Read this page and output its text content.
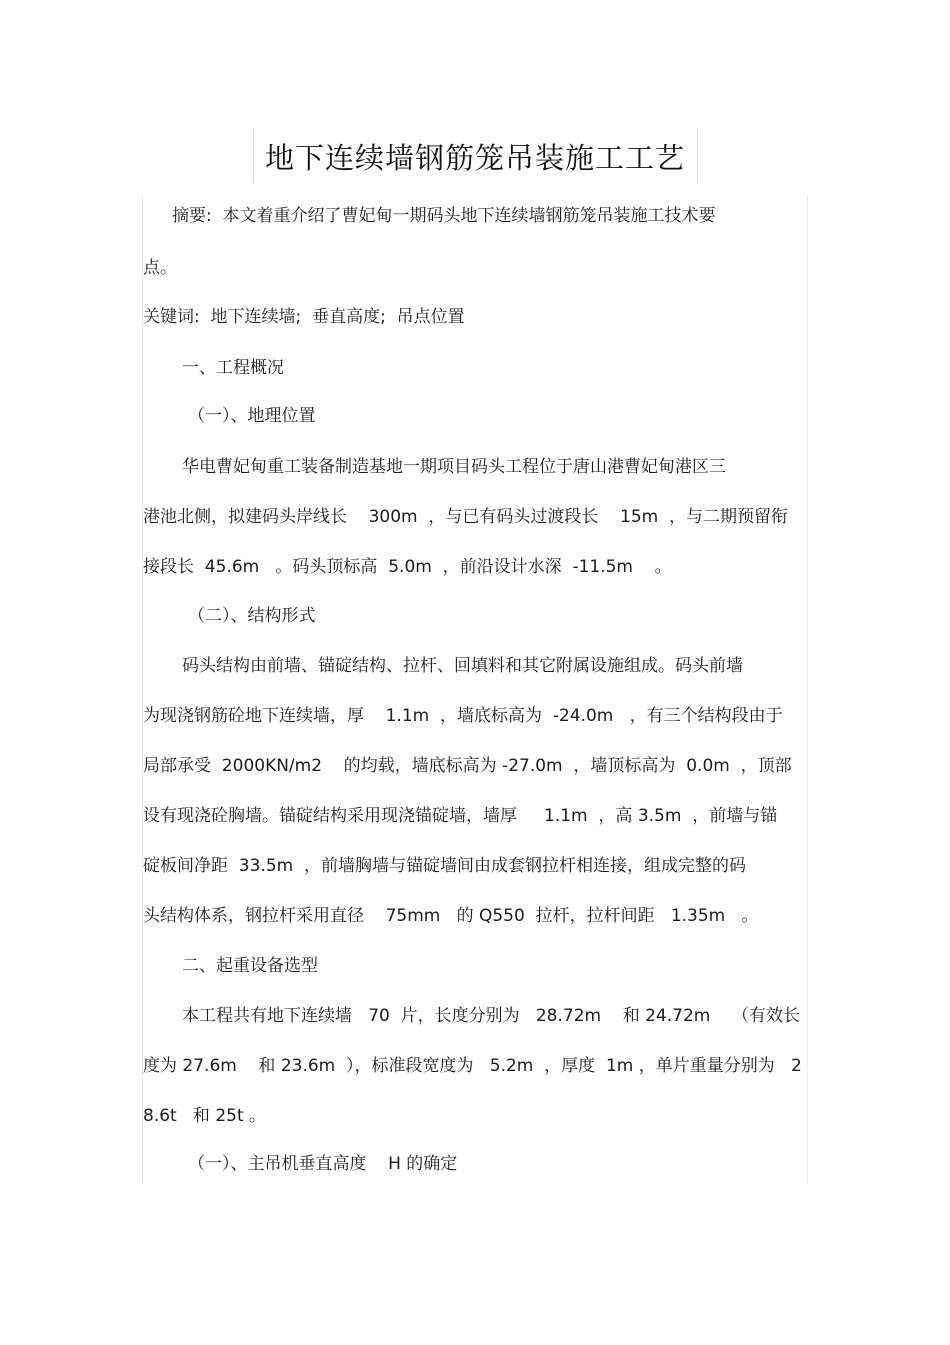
地下连续墙钢筋笼吊装施工工艺
摘要:  本文着重介绍了曹妃甸一期码头地下连续墙钢筋笼吊装施工技术要
点。
关键词:  地下连续墙;  垂直高度;  吊点位置
一、工程概况
（一）、地理位置
华电曹妃甸重工装备制造基地一期项目码头工程位于唐山港曹妃甸港区三
港池北侧，拟建码头岸线长    300m  ，与已有码头过渡段长    15m  ，与二期预留衔
接段长  45.6m   。码头顶标高  5.0m  ，前沿设计水深  -11.5m    。
（二）、结构形式
码头结构由前墙、锚碇结构、拉杆、回填料和其它附属设施组成。码头前墙
为现浇钢筋砼地下连续墙，厚    1.1m  ，墙底标高为  -24.0m   ，有三个结构段由于
局部承受  2000KN/m2    的均载，墙底标高为 -27.0m  ，墙顶标高为  0.0m  ，顶部
设有现浇砼胸墙。锚碇结构采用现浇锚碇墙，墙厚     1.1m  ，高 3.5m  ，前墙与锚
碇板间净距  33.5m  ，前墙胸墙与锚碇墙间由成套钢拉杆相连接，组成完整的码
头结构体系，钢拉杆采用直径    75mm   的 Q550  拉杆，拉杆间距   1.35m   。
二、起重设备选型
本工程共有地下连续墙   70  片，长度分别为   28.72m    和 24.72m    （有效长
度为 27.6m    和 23.6m  ），标准段宽度为   5.2m  ，厚度  1m ，单片重量分别为   2
8.6t   和 25t 。
（一）、主吊机垂直高度    H 的确定
